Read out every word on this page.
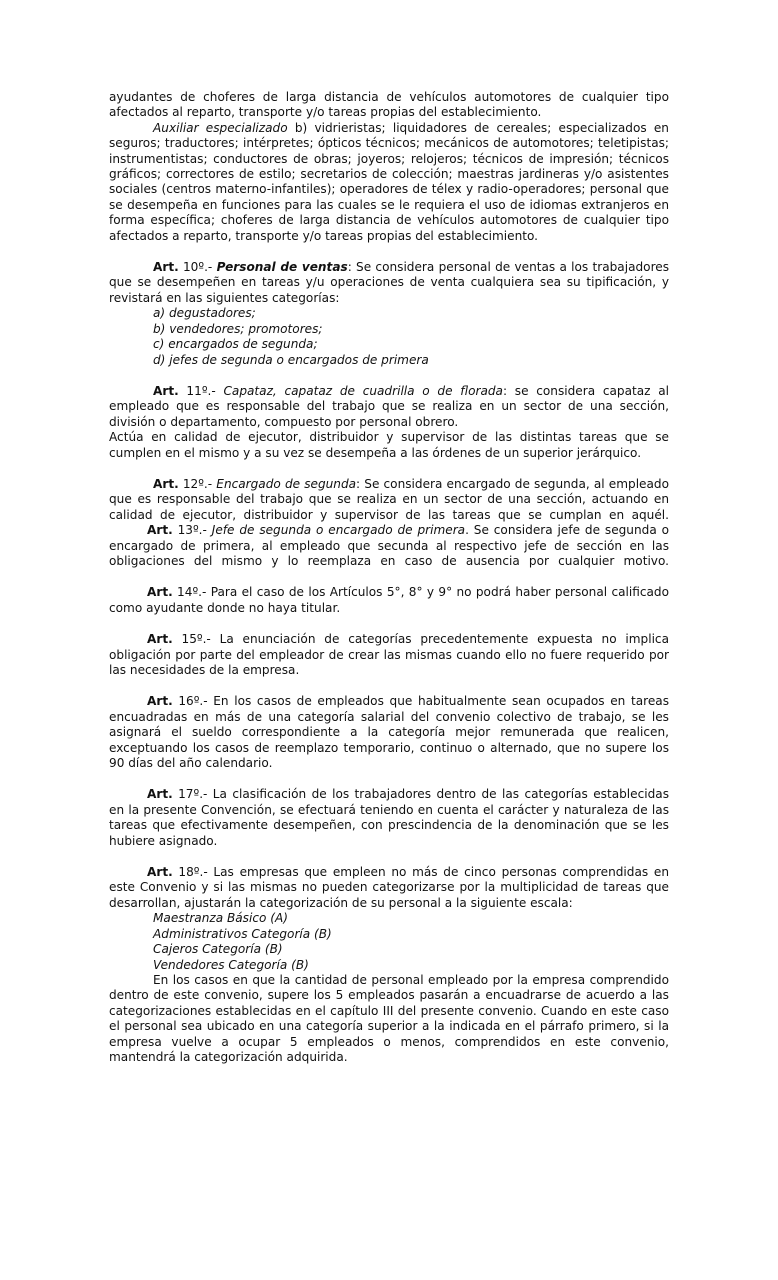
ayudantes de choferes de larga distancia de vehículos automotores de cualquier tipo afectados al reparto, transporte y/o tareas propias del establecimiento.

Auxiliar especializado b) vidrieristas; liquidadores de cereales; especializados en seguros; traductores; intérpretes; ópticos técnicos; mecánicos de automotores; teletipistas; instrumentistas; conductores de obras; joyeros; relojeros; técnicos de impresión; técnicos gráficos; correctores de estilo; secretarios de colección; maestras jardineras y/o asistentes sociales (centros materno-infantiles); operadores de télex y radio-operadores; personal que se desempeña en funciones para las cuales se le requiera el uso de idiomas extranjeros en forma específica; choferes de larga distancia de vehículos automotores de cualquier tipo afectados a reparto, transporte y/o tareas propias del establecimiento.

Art. 10º.- Personal de ventas: Se considera personal de ventas a los trabajadores que se desempeñen en tareas y/u operaciones de venta cualquiera sea su tipificación, y revistará en las siguientes categorías:

a) degustadores;
b) vendedores; promotores;
c) encargados de segunda;
d) jefes de segunda o encargados de primera

Art. 11º.- Capataz, capataz de cuadrilla o de florada: se considera capataz al empleado que es responsable del trabajo que se realiza en un sector de una sección, división o departamento, compuesto por personal obrero.

Actúa en calidad de ejecutor, distribuidor y supervisor de las distintas tareas que se cumplen en el mismo y a su vez se desempeña a las órdenes de un superior jerárquico.

Art. 12º.- Encargado de segunda: Se considera encargado de segunda, al empleado que es responsable del trabajo que se realiza en un sector de una sección, actuando en calidad de ejecutor, distribuidor y supervisor de las tareas que se cumplan en aquél.

Art. 13º.- Jefe de segunda o encargado de primera. Se considera jefe de segunda o encargado de primera, al empleado que secunda al respectivo jefe de sección en las obligaciones del mismo y lo reemplaza en caso de ausencia por cualquier motivo.

Art. 14º.- Para el caso de los Artículos 5°, 8° y 9° no podrá haber personal calificado como ayudante donde no haya titular.

Art. 15º.- La enunciación de categorías precedentemente expuesta no implica obligación por parte del empleador de crear las mismas cuando ello no fuere requerido por las necesidades de la empresa.

Art. 16º.- En los casos de empleados que habitualmente sean ocupados en tareas encuadradas en más de una categoría salarial del convenio colectivo de trabajo, se les asignará el sueldo correspondiente a la categoría mejor remunerada que realicen, exceptuando los casos de reemplazo temporario, continuo o alternado, que no supere los 90 días del año calendario.

Art. 17º.- La clasificación de los trabajadores dentro de las categorías establecidas en la presente Convención, se efectuará teniendo en cuenta el carácter y naturaleza de las tareas que efectivamente desempeñen, con prescindencia de la denominación que se les hubiere asignado.

Art. 18º.- Las empresas que empleen no más de cinco personas comprendidas en este Convenio y si las mismas no pueden categorizarse por la multiplicidad de tareas que desarrollan, ajustarán la categorización de su personal a la siguiente escala:

Maestranza Básico (A)
Administrativos Categoría (B)
Cajeros Categoría (B)
Vendedores Categoría (B)

En los casos en que la cantidad de personal empleado por la empresa comprendido dentro de este convenio, supere los 5 empleados pasarán a encuadrarse de acuerdo a las categorizaciones establecidas en el capítulo III del presente convenio. Cuando en este caso el personal sea ubicado en una categoría superior a la indicada en el párrafo primero, si la empresa vuelve a ocupar 5 empleados o menos, comprendidos en este convenio, mantendrá la categorización adquirida.
